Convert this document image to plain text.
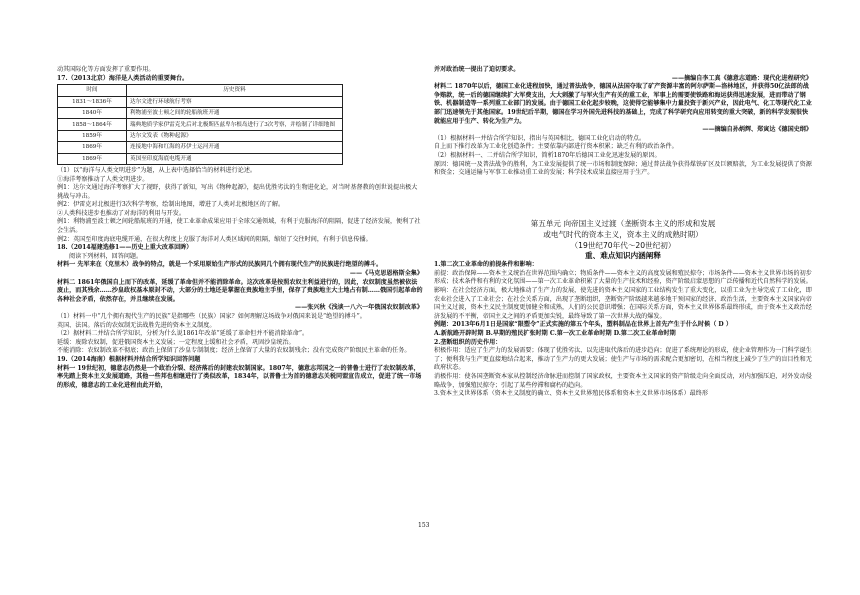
动其国际化等方面发挥了重要作用。

17.（2013北京）海洋是人类活动的重要舞台。

时间	历史资料
1831～1836年	达尔文进行环球航行考察
1840年	利物浦至波士顿之间的轮船航班开通
1858～1864年	瑞典地质学家伊雷克先后对北极斯匹兹卑尔根岛进行了3次考察，并绘制了详细地图
1859年	达尔文发表《物种起源》
1869年	连接地中海和红海的苏伊士运河开通
1869年	英国至印度海底电缆开通

（1）以“海洋与人类文明进步”为题，从上表中选择恰当的材料进行论述。

①海洋考察推动了人类文明进步。

例1：达尔文通过海洋考察扩大了视野，获得了新知，写出《物种起源》，提出优胜劣汰的生物进化论，对当时基督教的创世说提出极大挑战与冲击。

例2：伊雷克对北极进行3次科学考察，绘制出地图，增进了人类对北极地区的了解。

②人类科技进步也推动了对海洋的利用与开发。

例1：利物浦至波士顿之间轮船航班的开通，使工业革命成果应用于全球交通领域，有利于克服海洋的阻隔，促进了经济发展，便利了社会生活。

例2：英国至印度海底电缆开通，在很大程度上克服了海洋对人类区域间的阻隔，缩短了交往时间，有利于信息传播。

18.（2014福建选修1——历史上重大改革回眸）

阅读下列材料，回答问题。

材料一 先军来在（克里木）战争的特点，就是一个采用原始生产形式的民族同几个拥有现代生产的民族进行绝望的搏斗。

——《马克思恩格斯全集》

材料二 1861年俄国自上而下的改革，延缓了革命但并不能消除革命。这次改革是按照农奴主利益进行的，因此，农奴制度虽然被依法废止，而其残余……沙皇政权基本原封不动，大部分的土地还是掌握在贵族地主手里，保存了贵族地主大土地占有制……俄国引起革命的各种社会矛盾，依然存在，并且继续在发展。

——张兴秋《浅谈一八六一年俄国农奴制改革》

（1）材料一中“几个拥有现代生产的民族”是指哪些（民族）国家？如何理解这场战争对俄国来说是“绝望的搏斗”。

英国、法国。落后的农奴制无法战胜先进的资本主义制度。

（2）据材料二并结合所学知识，分析为什么说1861年改革“延缓了革命但并不能消除革命”。

延缓：废除农奴制，促进俄国资本主义发展；一定程度上缓和社会矛盾，巩固沙皇统治。

不能消除：农奴制改革不彻底；政治上保留了沙皇专制制度；经济上保留了大量的农奴制残余；没有完成资产阶级民主革命的任务。

19.（2014海南）根据材料并结合所学知识回答问题

材料一 19世纪初，德意志仍然是一个政治分裂、经济落后的封建农奴制国家。1807年，德意志邦国之一的普鲁士进行了农奴制改革，率先踏上资本主义发展道路，其他一些邦也相继进行了类似改革，1834年，以普鲁士为首的德意志关税同盟宣告成立，促进了统一市场的形成，德意志的工业化进程由此开始，

并对政治统一提出了迫切要求。

——摘编自李工真《德意志道路：现代化进程研究》

材料二 1870年以后，德国工业化进程加快，通过普法战争，德国从法国夺取了矿产资源丰富的阿尔萨斯—洛林地区，并获得50亿法郎的战争赔款，统一后的德国继续扩大军费支出，大大刺激了与军火生产有关的重工业，军事上的需要使铁路和海运获得迅速发展，进而带动了钢铁、机器制造等一系列重工业部门的发展。由于德国工业化起步较晚，这使得它能够集中力量投资于新兴产业，因此电气、化工等现代化工业部门迅速领先于其他国家。19世纪后半期，德国在学习外国先进科技的基础上，完成了科学研究向应用转变的重大突破，新的科学发现很快就能应用于生产、转化为生产力。

——摘编自孙炳辉、郑寅达《德国史纲》

（1）根据材料一并结合所学知识，指出与英国相比，德国工业化启动的特点。

自上而下推行改革为工业化创造条件；主要依靠内部进行资本积累；缺乏有利的政治条件。

（2）根据材料一、二并结合所学知识，简析1870年后德国工业化迅速发展的原因。

原因：德国统一及普法战争的胜利，为工业发展提供了统一市场和制度保障；通过普法战争获得煤铁矿区及巨额赔款，为工业发展提供了资源和资金；交通运输与军事工业推动重工业的发展；科学技术成果直接应用于生产。

第五单元 向帝国主义过渡（垄断资本主义的形成和发展

或电气时代的资本主义，资本主义的成熟时期）

（19世纪70年代～20世纪初）

重、难点知识内涵阐释

1.第二次工业革命的前提条件和影响：

前提：政治保障——资本主义统治在世界范围内确立；物质条件——资本主义的高度发展和殖民掠夺；市场条件——资本主义世界市场的初步形成；技术条件和有利的文化氛围——第一次工业革命积累了大量的生产技术和经验，资产阶级启蒙思想的广泛传播和近代自然科学的发展。

影响：在社会经济方面，极大地推动了生产力的发展，使先进的资本主义国家的工业结构发生了重大变化，以重工业为主导完成了工业化，即农业社会进入了工业社会；在社会关系方面，出现了垄断组织，垄断资产阶级越来越多地干预国家的经济、政治生活，主要资本主义国家向帝国主义过渡，资本主义民主制度更加健全和成熟，人们的公民意识增强；在国际关系方面，资本主义世界体系最终形成，由于资本主义政治经济发展的不平衡，帝国主义之间的矛盾更加尖锐，最终导致了第一次世界大战的爆发。

例题：2013年6月1日是国家“限塑令”正式实施的第五个年头，塑料制品在世界上首先产生于什么时候（ D ）

A.新航路开辟时期 B.早期的殖民扩张时期 C.第一次工业革命时期 D.第二次工业革命时期

2.垄断组织的历史作用：

积极作用：适应了生产力的发展需要；体现了优胜劣汰、以先进取代落后的进步趋向；促进了系统理论的形成，使企业管理作为一门科学诞生了；便利我与生产更直接地结合起来，推动了生产力的更大发展；使生产与市场的需求配合更加密切，在相当程度上减少了生产的盲目性和无政府状态。

消极作用：使各国垄断资本家从控制经济命脉进而控制了国家政权，主要资本主义国家的资产阶级走向全面反动，对内加强压迫，对外发动侵略战争，加强殖民掠夺；引起了某些停滞和腐朽的趋向。

3.资本主义世界体系（资本主义制度的确立、资本主义世界殖民体系和资本主义世界市场体系）最终形

153
